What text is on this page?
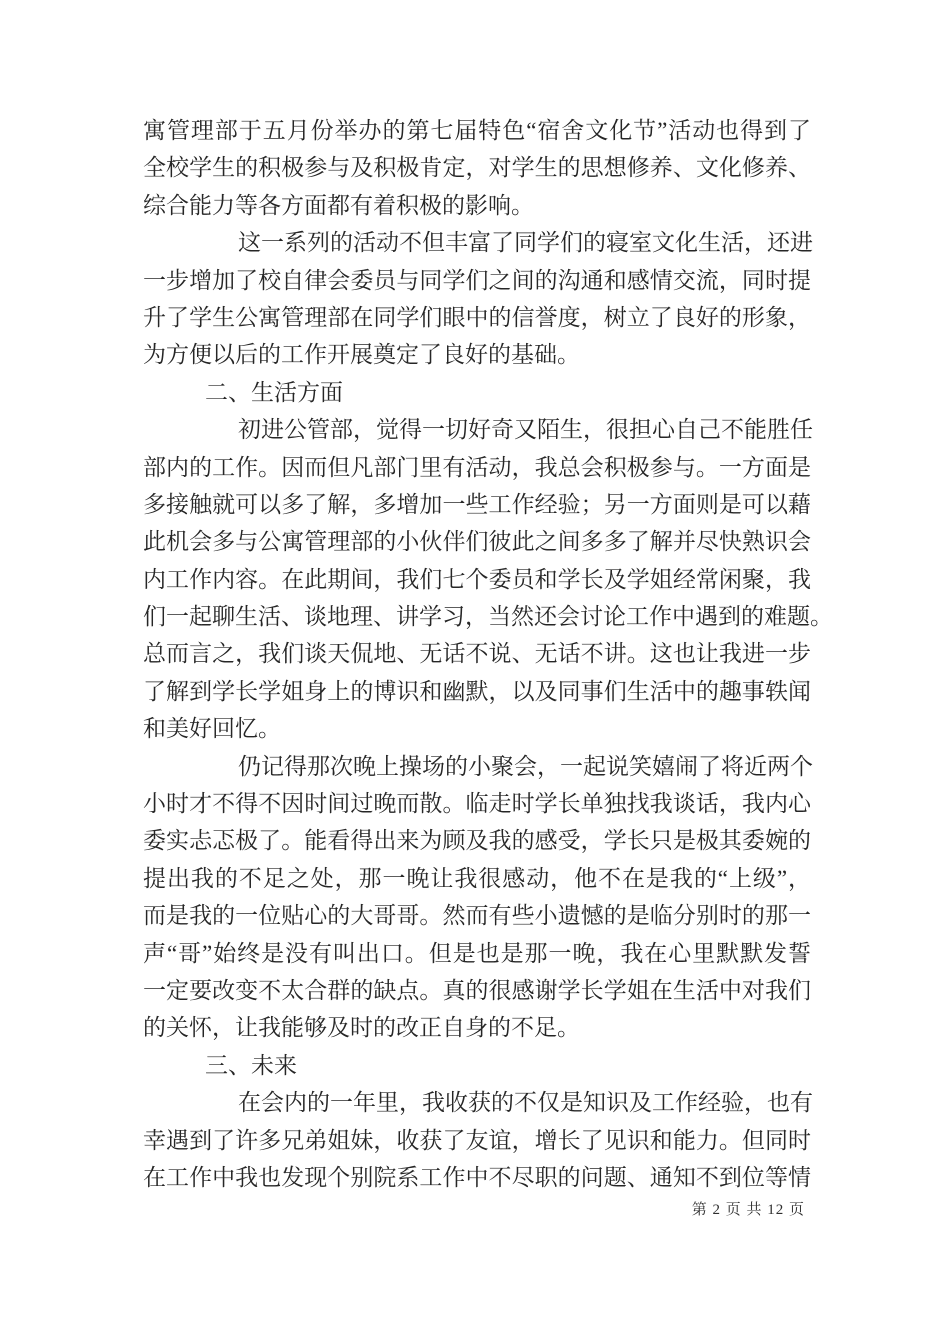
寓管理部于五月份举办的第七届特色“宿舍文化节”活动也得到了
全校学生的积极参与及积极肯定，对学生的思想修养、文化修养、
综合能力等各方面都有着积极的影响。
这一系列的活动不但丰富了同学们的寝室文化生活，还进
一步增加了校自律会委员与同学们之间的沟通和感情交流，同时提
升了学生公寓管理部在同学们眼中的信誉度，树立了良好的形象，
为方便以后的工作开展奠定了良好的基础。
二、生活方面
初进公管部，觉得一切好奇又陌生，很担心自己不能胜任
部内的工作。因而但凡部门里有活动，我总会积极参与。一方面是
多接触就可以多了解，多增加一些工作经验；另一方面则是可以藉
此机会多与公寓管理部的小伙伴们彼此之间多多了解并尽快熟识会
内工作内容。在此期间，我们七个委员和学长及学姐经常闲聚，我
们一起聊生活、谈地理、讲学习，当然还会讨论工作中遇到的难题。
总而言之，我们谈天侃地、无话不说、无话不讲。这也让我进一步
了解到学长学姐身上的博识和幽默，以及同事们生活中的趣事轶闻
和美好回忆。
仍记得那次晚上操场的小聚会，一起说笑嬉闹了将近两个
小时才不得不因时间过晚而散。临走时学长单独找我谈话，我内心
委实忐忑极了。能看得出来为顾及我的感受，学长只是极其委婉的
提出我的不足之处，那一晚让我很感动，他不在是我的“上级”，
而是我的一位贴心的大哥哥。然而有些小遗憾的是临分别时的那一
声“哥”始终是没有叫出口。但是也是那一晚，我在心里默默发誓
一定要改变不太合群的缺点。真的很感谢学长学姐在生活中对我们
的关怀，让我能够及时的改正自身的不足。
三、未来
在会内的一年里，我收获的不仅是知识及工作经验，也有
幸遇到了许多兄弟姐妹，收获了友谊，增长了见识和能力。但同时
在工作中我也发现个别院系工作中不尽职的问题、通知不到位等情
第 2 页 共 12 页
